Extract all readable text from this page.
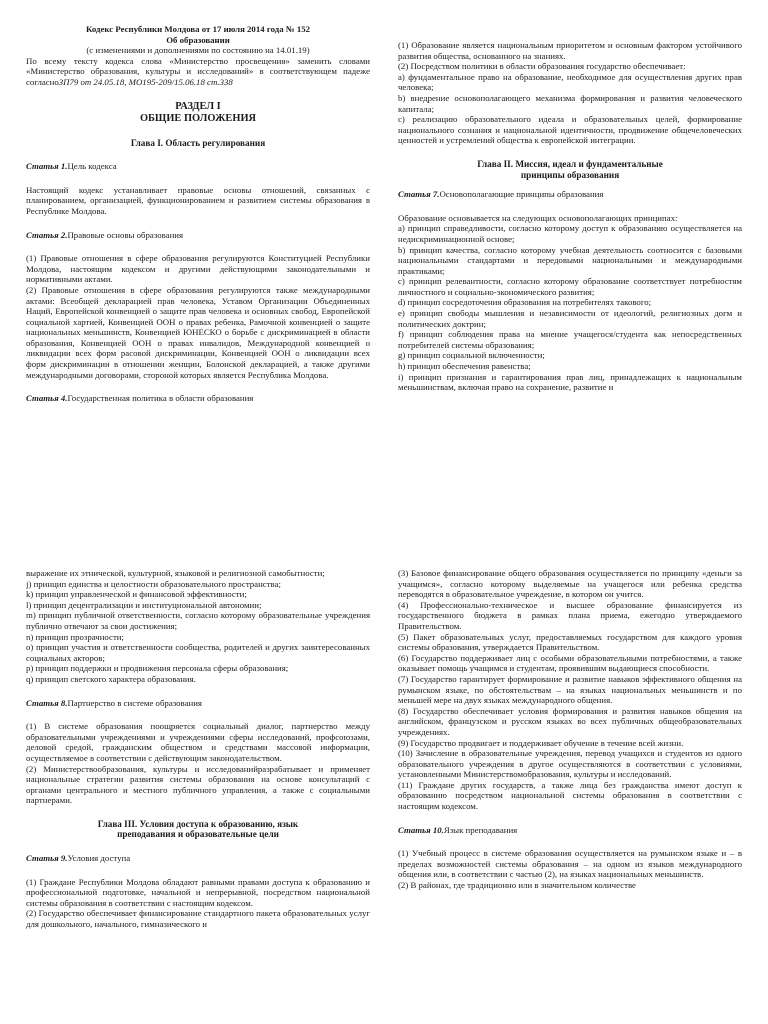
Кодекс Республики Молдова от 17 июля 2014 года № 152

Об образовании

(с изменениями и дополнениями по состоянию на 14.01.19)

По всему тексту кодекса слова «Министерство просвещения» заменить словами «Министерство образования, культуры и исследований» в соответствующем падеже согласноЗП79 от 24.05.18, МО195-209/15.06.18 ст.338

РАЗДЕЛ I

ОБЩИЕ ПОЛОЖЕНИЯ

Глава I. Область регулирования

Статья 1.Цель кодекса

Настоящий кодекс устанавливает правовые основы отношений, связанных с планированием, организацией, функционированием и развитием системы образования в Республике Молдова.

Статья 2.Правовые основы образования

(1) Правовые отношения в сфере образования регулируются Конституцией Республики Молдова, настоящим кодексом и другими действующими законодательными и нормативными актами.

(2) Правовые отношения в сфере образования регулируются также международными актами: Всеобщей декларацией прав человека, Уставом Организации Объединенных Наций, Европейской конвенцией о защите прав человека и основных свобод, Европейской социальной хартией, Конвенцией ООН о правах ребенка, Рамочной конвенцией о защите национальных меньшинств, Конвенцией ЮНЕСКО о борьбе с дискриминацией в области образования, Конвенцией ООН о правах инвалидов, Международной конвенцией о ликвидации всех форм расовой дискриминации, Конвенцией ООН о ликвидации всех форм дискриминации в отношении женщин, Болонской декларацией, а также другими международными договорами, стороной которых является Республика Молдова.

Статья 4.Государственная политика в области образования

(1) Образование является национальным приоритетом и основным фактором устойчивого развития общества, основанного на знаниях.

(2) Посредством политики в области образования государство обеспечивает:

a) фундаментальное право на образование, необходимое для осуществления других прав человека;

b) внедрение основополагающего механизма формирования и развития человеческого капитала;

c) реализацию образовательного идеала и образовательных целей, формирование национального сознания и национальной идентичности, продвижение общечеловеческих ценностей и устремлений общества к европейской интеграции.

Глава II. Миссия, идеал и фундаментальные

принципы образования

Статья 7.Основополагающие принципы образования

Образование основывается на следующих основополагающих принципах:

a) принцип справедливости, согласно которому доступ к образованию осуществляется на недискриминационной основе;

b) принцип качества, согласно которому учебная деятельность соотносится с базовыми национальными стандартами и передовыми национальными и международными практиками;

c) принцип релевантности, согласно которому образование соответствует потребностям личностного и социально-экономического развития;

d) принцип сосредоточения образования на потребителях такового;

e) принцип свободы мышления и независимости от идеологий, религиозных догм и политических доктрин;

f) принцип соблюдения права на мнение учащегося/студента как непосредственных потребителей системы образования;

g) принцип социальной включенности;

h) принцип обеспечения равенства;

i) принцип признания и гарантирования прав лиц, принадлежащих к национальным меньшинствам, включая право на сохранение, развитие и

выражение их этнической, культурной, языковой и религиозной самобытности;

j) принцип единства и целостности образовательного пространства;

k) принцип управленческой и финансовой эффективности;

l) принцип децентрализации и институциональной автономии;

m) принцип публичной ответственности, согласно которому образовательные учреждения публично отвечают за свои достижения;

n) принцип прозрачности;

o) принцип участия и ответственности сообщества, родителей и других заинтересованных социальных акторов;

p) принцип поддержки и продвижения персонала сферы образования;

q) принцип светского характера образования.

Статья 8.Партнерство в системе образования

(1) В системе образования поощряется социальный диалог, партнерство между образовательными учреждениями и учреждениями сферы исследований, профсоюзами, деловой средой, гражданским обществом и средствами массовой информации, осуществляемое в соответствии с действующим законодательством.

(2) Министерствообразования, культуры и исследованийразрабатывает и применяет национальные стратегии развития системы образования на основе консультаций с органами центрального и местного публичного управления, а также с социальными партнерами.

Глава III. Условия доступа к образованию, язык

преподавания и образовательные цели

Статья 9.Условия доступа

(1) Граждане Республики Молдова обладают равными правами доступа к образованию и профессиональной подготовке, начальной и непрерывной, посредством национальной системы образования в соответствии с настоящим кодексом.

(2) Государство обеспечивает финансирование стандартного пакета образовательных услуг для дошкольного, начального, гимназического и

(3) Базовое финансирование общего образования осуществляется по принципу «деньги за учащимся», согласно которому выделяемые на учащегося или ребенка средства переводятся в образовательное учреждение, в котором он учится.

(4) Профессионально-техническое и высшее образование финансируется из государственного бюджета в рамках плана приема, ежегодно утверждаемого Правительством.

(5) Пакет образовательных услуг, предоставляемых государством для каждого уровня системы образования, утверждается Правительством.

(6) Государство поддерживает лиц с особыми образовательными потребностями, а также оказывает помощь учащимся и студентам, проявившим выдающиеся способности.

(7) Государство гарантирует формирование и развитие навыков эффективного общения на румынском языке, по обстоятельствам – на языках национальных меньшинств и по меньшей мере на двух языках международного общения.

(8) Государство обеспечивает условия формирования и развития навыков общения на английском, французском и русском языках во всех публичных общеобразовательных учреждениях.

(9) Государство продвигает и поддерживает обучение в течение всей жизни.

(10) Зачисление в образовательные учреждения, перевод учащихся и студентов из одного образовательного учреждения в другое осуществляются в соответствии с условиями, установленными Министерствомобразования, культуры и исследований.

(11) Граждане других государств, а также лица без гражданства имеют доступ к образованию посредством национальной системы образования в соответствии с настоящим кодексом.

Статья 10.Язык преподавания

(1) Учебный процесс в системе образования осуществляется на румынском языке и – в пределах возможностей системы образования – на одном из языков международного общения или, в соответствии с частью (2), на языках национальных меньшинств.

(2) В районах, где традиционно или в значительном количестве
